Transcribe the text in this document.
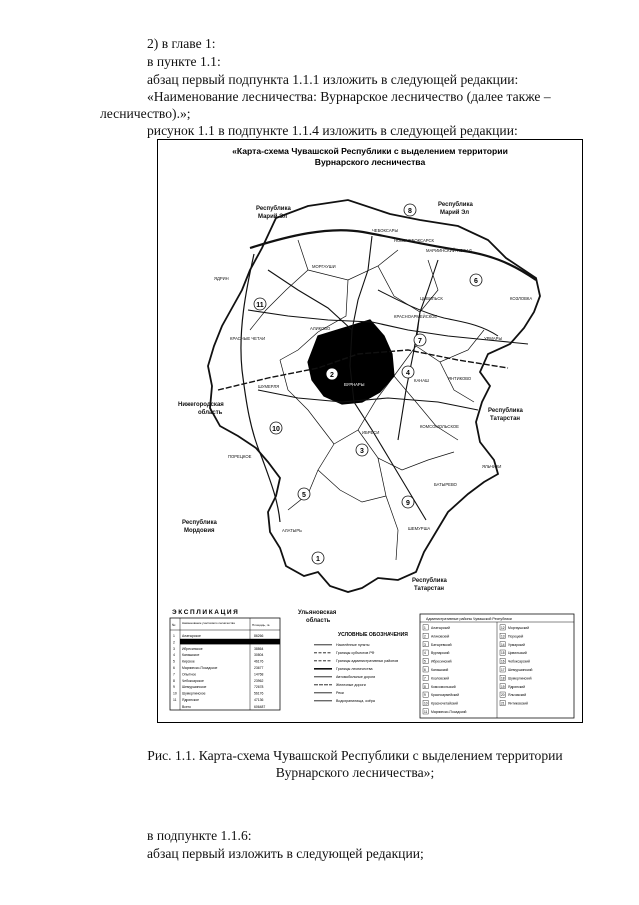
2) в главе 1:
в пункте 1.1:
абзац первый подпункта 1.1.1 изложить в следующей редакции:
«Наименование лесничества: Вурнарское лесничество (далее также –
лесничество).»;
рисунок 1.1 в подпункте 1.1.4 изложить в следующей редакции:
«Карта-схема Чувашской Республики с выделением территории
Вурнарского лесничества
Республика
Марий Эл
Республика
Марий Эл
Нижегородская
область	Республика
Татарстан
Республика
Мордовия
Ульяновская
область
Республика
Татарстан
ЧЕБОКСАРЫ
НОВОЧЕБОКСАРСК
МАРИИНСКИЙ ПОСАД
КОЗЛОВКА
ЦИВИЛЬСК
УРМАРЫ
КРАСНОАРМЕЙСКОЕ
КАНАШ	ЯНТИКОВО
ШУМЕРЛЯ	ВУРНАРЫ
КРАСНЫЕ ЧЕТАИ
АЛИКОВО
ЯДРИН
МОРГАУШИ
ИБРЕСИ
КОМСОМОЛЬСКОЕ
ПОРЕЦКОЕ
ЯЛЬЧИКИ
БАТЫРЕВО
АЛАТЫРЬ	ШЕМУРША
8
6
11
2	4
3
10
5
9
1
7
ЭКСПЛИКАЦИЯ
№ Наименование участкового лесничества	Площадь, га
1 Алатырское	86266
2
3 Ибресинское	38864
4 Канашское	30804
5 Кирское	46176
6 Мариинско-Посадское	23677
7 Опытное	14768
8 Чебоксарское	23962
9 Шемуршинское	72678
10 Шумерлинское	56176
11 Ядринское	47136
Всего	606487
УСЛОВНЫЕ ОБОЗНАЧЕНИЯ
Населённые пункты
Границы субъектов РФ
Границы административных районов
Границы лесничества
Автомобильные дороги
Железные дороги
Реки
Водохранилища, озёра
Административные районы Чувашской Республики
1 Алатырский
2 Аликовский
3 Батыревский
4 Вурнарский
5 Ибресинский
6 Канашский
7 Козловский
8 Комсомольский
9 Красноармейский
10 Красночетайский
11 Мариинско-Посадский
12 Моргаушский
13 Порецкий
14 Урмарский
15 Цивильский
16 Чебоксарский
17 Шемуршинский
18 Шумерлинский
19 Ядринский
20 Яльчикский
21 Янтиковский
Рис. 1.1. Карта-схема Чувашской Республики с выделением территории
Вурнарского лесничества»;
в подпункте 1.1.6:
абзац первый изложить в следующей редакции;
